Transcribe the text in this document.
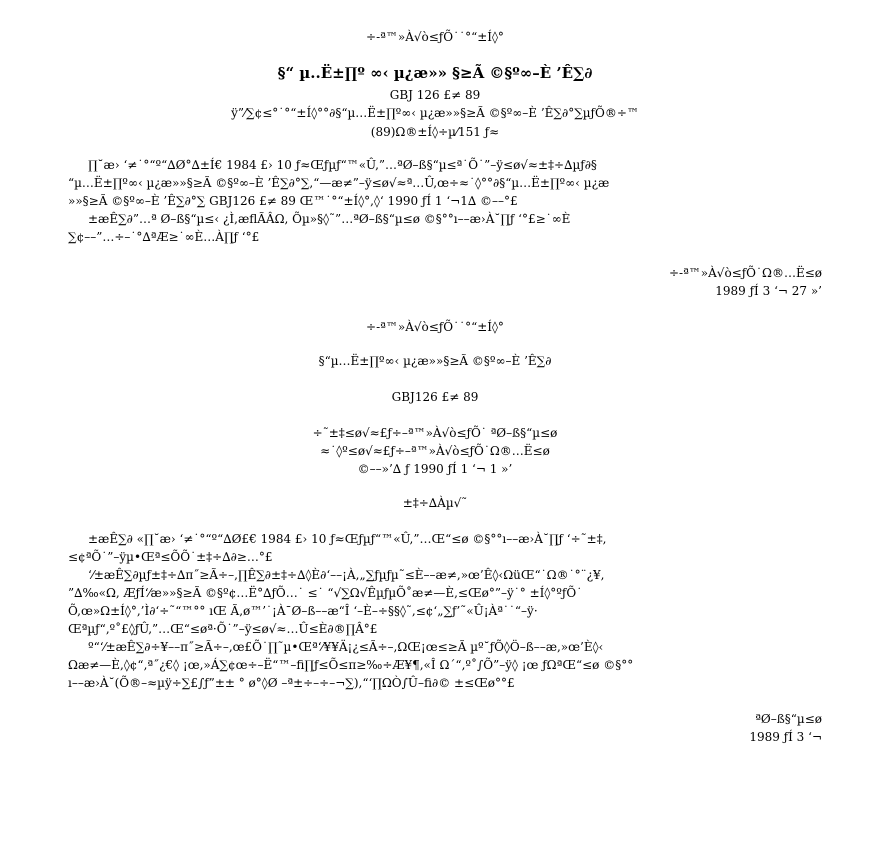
÷-ª™»À√ò≤ƒÕ˙˙°“±Í◊°
§“ µ..Ë±∏º ∞‹ µ¿æ»» §≥Ã ©§º∞–È ’Ê∑∂
GBJ 126 £≠ 89
ÿ”⁄∑¢≤°˙°“±Í◊°°∂§“µ…Ë±∏º∞‹ µ¿æ»»§≥Ã ©§º∞–È ’Ê∑∂°∑µƒÕ®÷™
(89)Ω®±Í◊÷µ⁄151 ƒ≈
∏˘æ› ‘≠˙°“º“∆Ø°∆±Í€ 1984 £› 10 ƒ≈Œƒµƒ“™«Û,”…ªØ–ß§“µ≤ª˙Õ˙”–ÿ≤ø√≈±‡÷∆µƒ∂§
“µ…Ë±∏º∞‹ µ¿æ»»§≥Ã ©§º∞–È ’Ê∑∂°∑,“—æ≠”–ÿ≤ø√≈ª…Û,œ÷≈˙◊°°∂§“µ…Ë±∏º∞‹ µ¿æ
»»§≥Ã ©§º∞–È ’Ê∑∂°∑ GBJ126 £≠ 89 Œ™˙°“±Í◊°,◊‘ 1990 ƒÍ 1 ‘¬1∆ ©––°£
±æÊ∑∂”…ª Ø–ß§“µ≤‹ ¿Ì,æﬂÃÂΩ, Õµ»§◊˜”…ªØ–ß§“µ≤ø ©§°°ı––æ›À˘∏ƒ ‘°£≥˙∞È
∑¢––”…÷–˙°∆ªÆ≥˙∞È…À∏ƒ ‘°£
÷-ª™»À√ò≤ƒÕ˙Ω®…Ë≤ø
1989 ƒÍ 3 ‘¬ 27 »’
÷-ª™»À√ò≤ƒÕ˙˙°“±Í◊°
§“µ…Ë±∏º∞‹ µ¿æ»»§≥Ã ©§º∞–È ’Ê∑∂
GBJ126 £≠ 89
÷˜±‡≤ø√≈£ƒ÷–ª™»À√ò≤ƒÕ˙ ªØ–ß§“µ≤ø
≈˙◊º≤ø√≈£ƒ÷–ª™»À√ò≤ƒÕ˙Ω®…Ë≤ø
©––»’∆ ƒ 1990 ƒÍ 1 ‘¬ 1 »’
±‡÷∆Àµ√˜
±æÊ∑∂ «∏˘æ› ‘≠˙°“º“∆Ø£€ 1984 £› 10 ƒ≈Œƒµƒ“™«Û,”…Œ“≤ø ©§°°ı––æ›À˘∏ƒ ‘÷˜±‡,
≤¢ªÕ˙”–ÿµ•Œª≤ÕÕ˙±‡÷∆∂≥…°£
‘⁄±æÊ∑∂µƒ±‡÷∆π˝≥Ã÷–,∏Ê∑∂±‡÷∆◊È∂‘––¡À,„∑ƒµƒµ˜≤È––æ≠,»œ’Ê◊‹ΩüŒ“˙Ω®˙°¨¿¥,
”∆‰«Ω, ÆƒÍ‘⁄æ»»§≥Ã ©§º¢…Ë°∆ƒÕ…˙ ≤˙ “√∑Ω√ÊµƒµÕ˚æ≠—È,≤Œø°”–ÿ˙° ±Í◊°ºƒÕ˙
Õ,œ»Ω±Í◊°,’Ì∂‘÷˜“™°° ıŒ Ã,ø™’˙¡À¯Ø–ß––æ“Î ‘–È–÷§§◊˜,≤¢‘„∑ƒ’˜«Û¡Àª˙˙“–ÿ·
Œªµƒ“‚º˚£◊ƒÛ,”…Œ“≤øª·Õ˙”–ÿ≤ø√≈…Û≤È∂®∏Â°£
º“‘⁄±æÊ∑∂÷¥––π˝≥Ã÷–,œ£Õ˙∏˜µ•Œª‘⁄¥¥Ä¡¿≤Ã÷–,ΩŒ¡œ≤≥Ã µº˘ƒÕ◊Ö–ß––æ,»œ’È◊‹
Ωæ≠—È,◊¢“‚ª˝¿€◊ ¡œ,»Á∑¢œ÷–Ë“™–ﬁ∏ƒ≤Õ≤π≥‰÷Æ¥¶,«Î Ω´“‚º˚∫Õ”–ÿ◊ ¡œ ƒΩªŒ“≤ø ©§°°
ı––æ›À˘(Õ®–≈µÿ÷∑£∫ƒ”±± ° ø°◊Ø –ª±÷–÷–¬∑),“‘∏ΩÒ∫Û–ﬁ∂© ±≤Œø°°£
ªØ–ß§“µ≤ø
1989 ƒÍ 3 ‘¬
